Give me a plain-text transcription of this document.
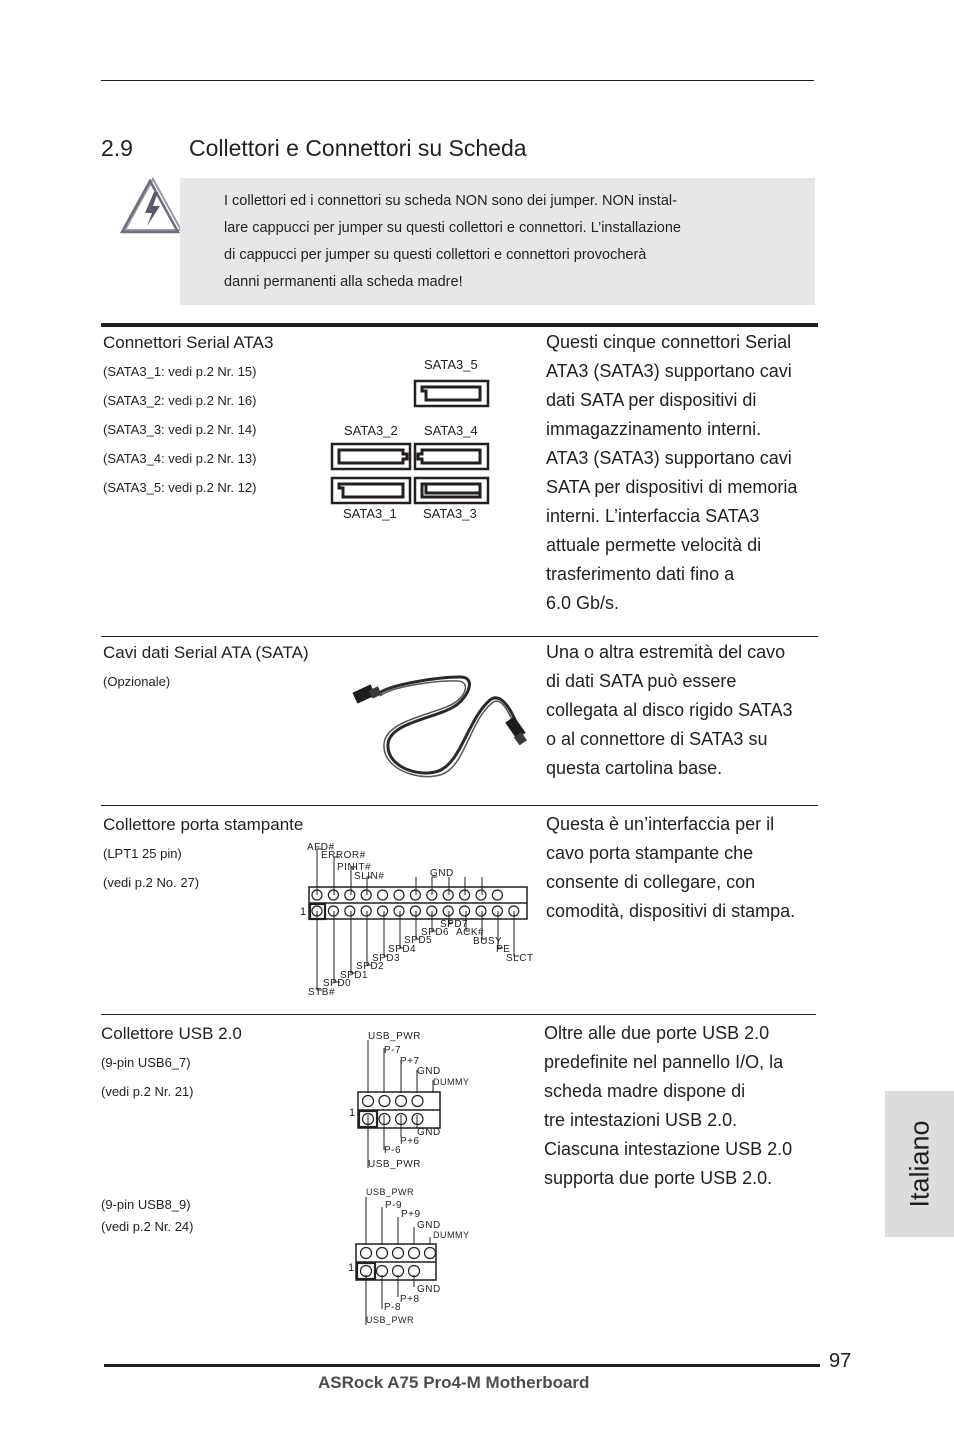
2.9 Collettori e Connettori su Scheda
I collettori ed i connettori su scheda NON sono dei jumper. NON instal-
lare cappucci per jumper su questi collettori e connettori. L’installazione
di cappucci per jumper su questi collettori e connettori provocherà
danni permanenti alla scheda madre!
Connettori Serial ATA3
(SATA3_1: vedi p.2 Nr. 15)
(SATA3_2: vedi p.2 Nr. 16)
(SATA3_3: vedi p.2 Nr. 14)
(SATA3_4: vedi p.2 Nr. 13)
(SATA3_5: vedi p.2 Nr. 12)
SATA3_5
SATA3_2 SATA3_4
SATA3_1 SATA3_3
Questi cinque connettori Serial
ATA3 (SATA3) supportano cavi
dati SATA per dispositivi di
immagazzinamento interni.
ATA3 (SATA3) supportano cavi
SATA per dispositivi di memoria
interni. L’interfaccia SATA3
attuale permette velocità di
trasferimento dati fino a
6.0 Gb/s.
Cavi dati Serial ATA (SATA)
(Opzionale)
Una o altra estremità del cavo
di dati SATA può essere
collegata al disco rigido SATA3
o al connettore di SATA3 su
questa cartolina base.
Collettore porta stampante
(LPT1 25 pin)
(vedi p.2 No. 27)
AFD#
ERROR#
PINIT#
SLIN#	GND
1
SPD7
SPD6 ACK#
SPD5	BUSY
SPD4	PE
SPD3	SLCT
SPD2
SPD1
SPD0
STB#
Questa è un’interfaccia per il
cavo porta stampante che
consente di collegare, con
comodità, dispositivi di stampa.
Collettore USB 2.0
(9-pin USB6_7)
(vedi p.2 Nr. 21)
(9-pin USB8_9)
(vedi p.2 Nr. 24)
USB_PWR
P-7
P+7
GND
DUMMY
1
GND
P+6
P-6
USB_PWR
USB_PWR
P-9
P+9
GND
DUMMY
1
GND
P+8
P-8
USB_PWR
Oltre alle due porte USB 2.0
predefinite nel pannello I/O, la
scheda madre dispone di
tre intestazioni USB 2.0.
Ciascuna intestazione USB 2.0
supporta due porte USB 2.0.	Italiano
97
ASRock A75 Pro4-M Motherboard
